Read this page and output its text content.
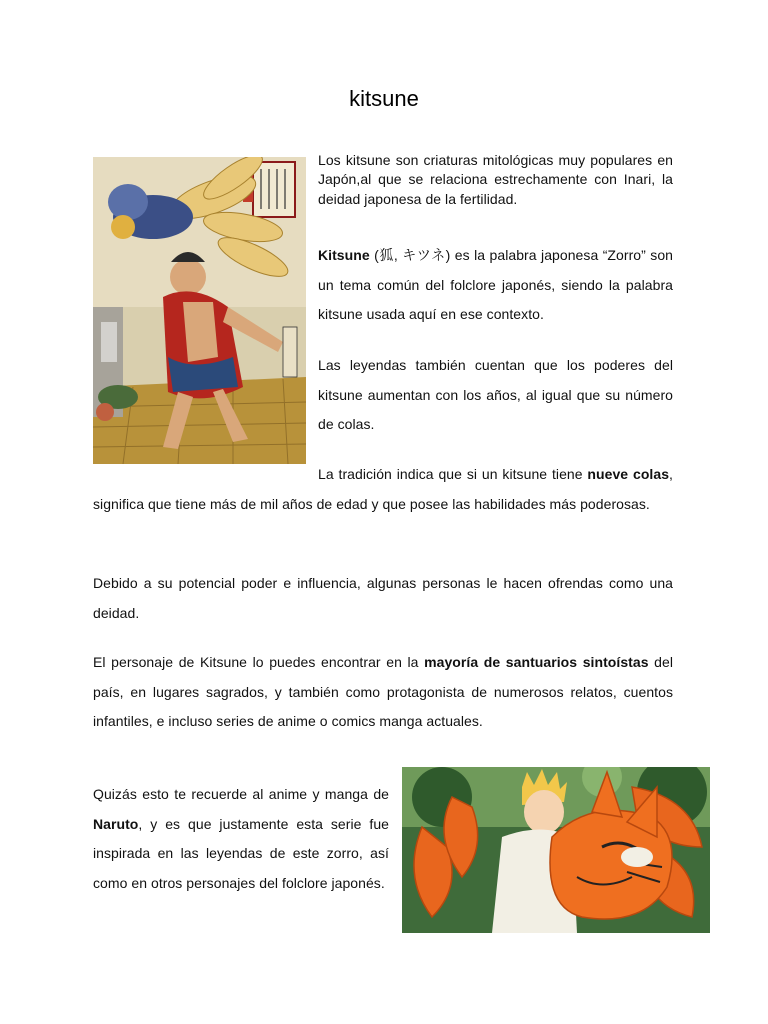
kitsune
Los kitsune son criaturas mitológicas muy populares en Japón,al que se relaciona estrechamente con Inari, la deidad japonesa de la fertilidad.
Kitsune (狐, キツネ) es la palabra japonesa “Zorro” son un tema común del folclore japonés, siendo la palabra kitsune usada aquí en ese contexto.
Las leyendas también cuentan que los poderes del kitsune aumentan con los años, al igual que su número de colas.
La tradición indica que si un kitsune tiene nueve colas, significa que tiene más de mil años de edad y que posee las habilidades más poderosas.
Debido a su potencial poder e influencia, algunas personas le hacen ofrendas como una deidad.
El personaje de Kitsune lo puedes encontrar en la mayoría de santuarios sintoístas del país, en lugares sagrados, y también como protagonista de numerosos relatos, cuentos infantiles, e incluso series de anime o comics manga actuales.
Quizás esto te recuerde al anime y manga de Naruto, y es que justamente esta serie fue inspirada en las leyendas de este zorro, así como en otros personajes del folclore japonés.
